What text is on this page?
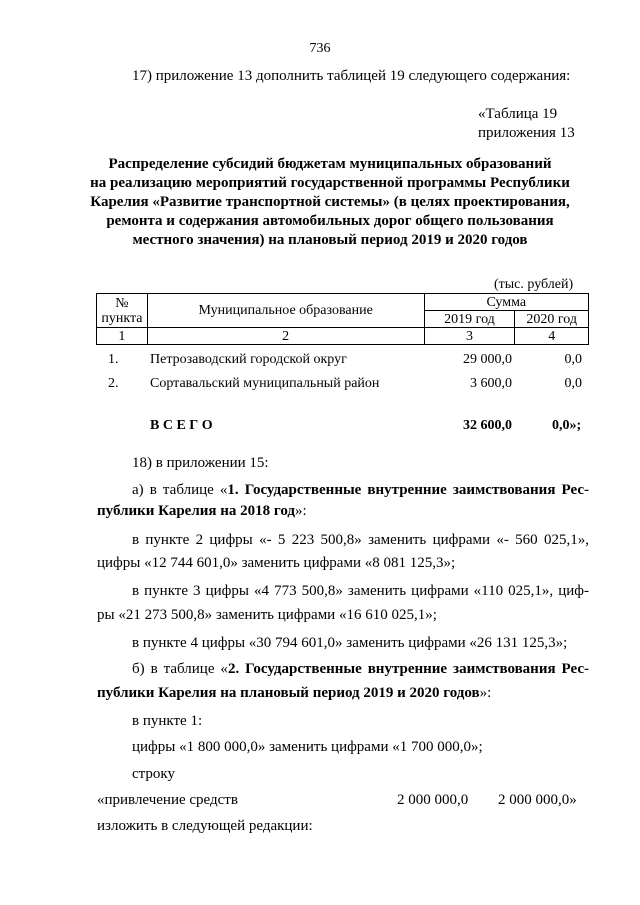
736
17) приложение 13 дополнить таблицей 19 следующего содержания:
«Таблица 19
приложения 13
Распределение субсидий бюджетам муниципальных образований
на реализацию мероприятий государственной программы Республики
Карелия «Развитие транспортной системы» (в целях проектирования,
ремонта и содержания автомобильных дорог общего пользования
местного значения) на плановый период 2019 и 2020 годов
(тыс. рублей)
№
пункта	Муниципальное образование	Сумма	
		2019 год	2020 год
1	2	3	4
1. Петрозаводский городской округ	29 000,0	0,0
2. Сортавальский муниципальный район	3 600,0	0,0
В С Е Г О	32 600,0	0,0»;
18) в приложении 15:
а) в таблице «1. Государственные внутренние заимствования Рес-
публики Карелия на 2018 год»:
в пункте 2 цифры «- 5 223 500,8» заменить цифрами «- 560 025,1»,
цифры «12 744 601,0» заменить цифрами «8 081 125,3»;
в пункте 3 цифры «4 773 500,8» заменить цифрами «110 025,1», циф-
ры «21 273 500,8» заменить цифрами «16 610 025,1»;
в пункте 4 цифры «30 794 601,0» заменить цифрами «26 131 125,3»;
б) в таблице «2. Государственные внутренние заимствования Рес-
публики Карелия на плановый период 2019 и 2020 годов»:
в пункте 1:
цифры «1 800 000,0» заменить цифрами «1 700 000,0»;
строку
«привлечение средств	2 000 000,0 2 000 000,0»
изложить в следующей редакции:
